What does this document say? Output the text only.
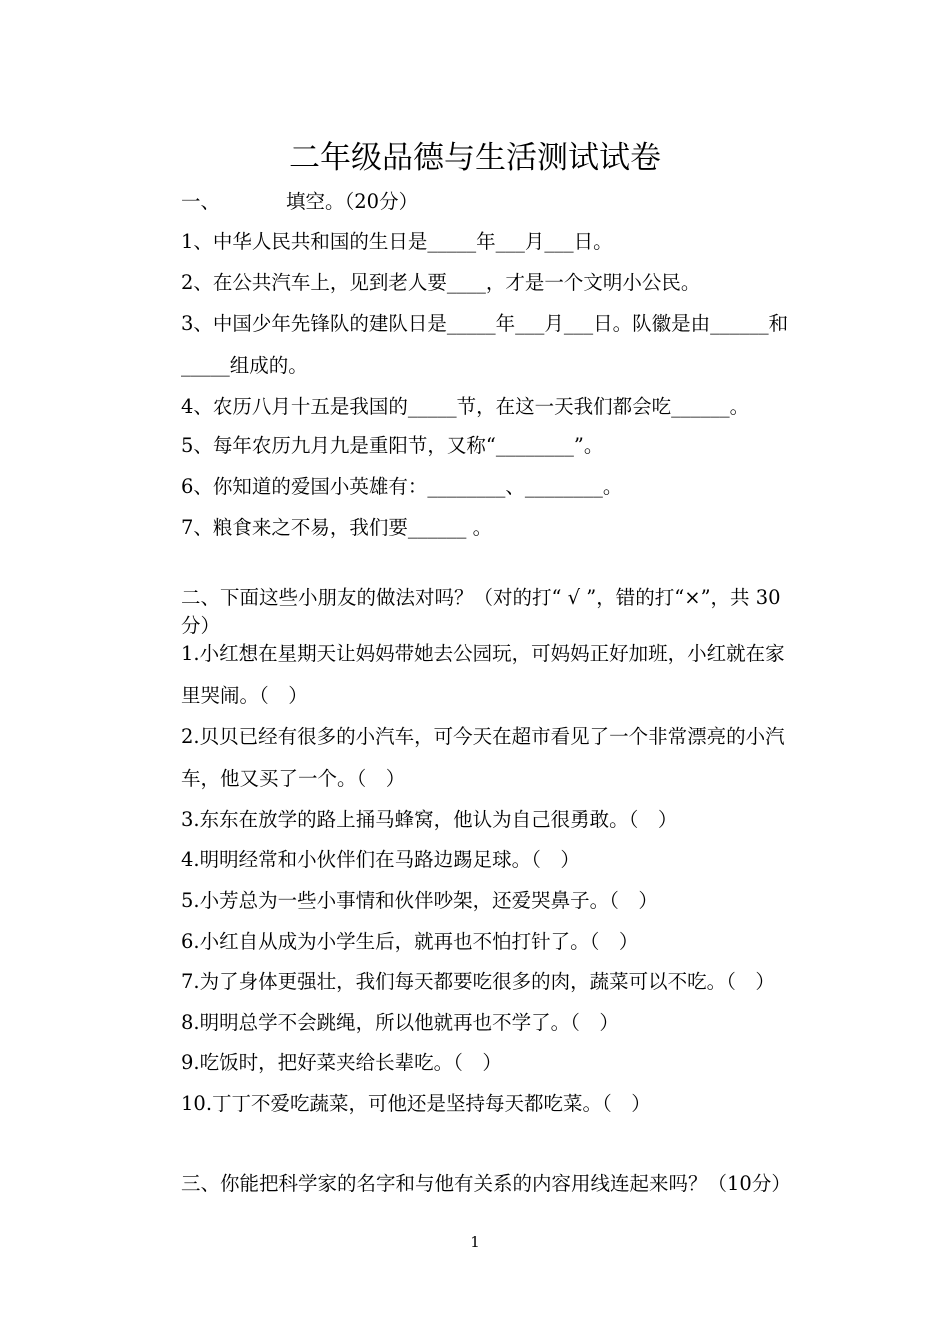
二年级品德与生活测试试卷
一、	填空。（20分）
1、中华人民共和国的生日是_____年___月___日。
2、在公共汽车上，见到老人要____，才是一个文明小公民。
3、中国少年先锋队的建队日是_____年___月___日。队徽是由______和
_____组成的。
4、农历八月十五是我国的_____节，在这一天我们都会吃______。
5、每年农历九月九是重阳节，又称“________”。
6、你知道的爱国小英雄有：________、________。
7、粮食来之不易，我们要______ 。
二、下面这些小朋友的做法对吗？（对的打“ √ ”，错的打“×”，共 30
分）
1.小红想在星期天让妈妈带她去公园玩，可妈妈正好加班，小红就在家
里哭闹。（　）
2.贝贝已经有很多的小汽车，可今天在超市看见了一个非常漂亮的小汽
车，他又买了一个。（　）
3.东东在放学的路上捅马蜂窝，他认为自己很勇敢。（　）
4.明明经常和小伙伴们在马路边踢足球。（　）
5.小芳总为一些小事情和伙伴吵架，还爱哭鼻子。（　）
6.小红自从成为小学生后，就再也不怕打针了。（　）
7.为了身体更强壮，我们每天都要吃很多的肉，蔬菜可以不吃。（　）
8.明明总学不会跳绳，所以他就再也不学了。（　）
9.吃饭时，把好菜夹给长辈吃。（　）
10.丁丁不爱吃蔬菜，可他还是坚持每天都吃菜。（　）
三、你能把科学家的名字和与他有关系的内容用线连起来吗？（10分）
1
